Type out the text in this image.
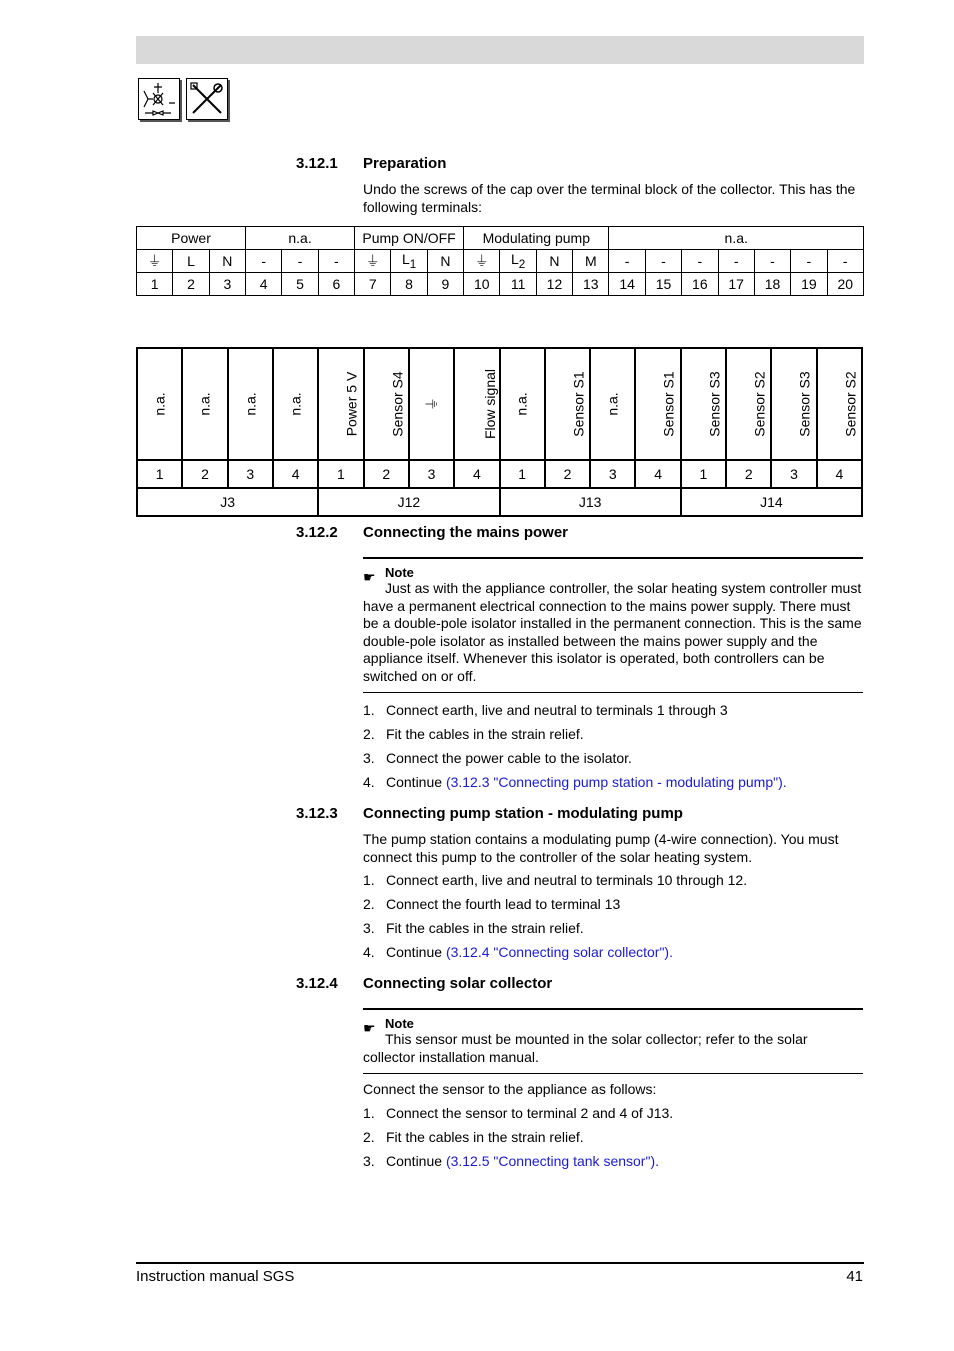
3.12.1 Preparation
Undo the screws of the cap over the terminal block of the collector. This has the following terminals:
Power			n.a.			Pump ON/OFF			Modulating pump				n.a.						
⏚	L	N	-	-	-	⏚	$L_1$	N	⏚	$L_2$	N	M	-	-	-	-	-	-	-
1	2	3	4	5	6	7	8	9	10	11	12	13	14	15	16	17	18	19	20
n.a.	n.a.	n.a.	n.a.	Power 5 V	Sensor S4	⏚	Flow signal	n.a.	Sensor S1	n.a.	Sensor S1	Sensor S3	Sensor S2	Sensor S3	Sensor S2
1	2	3	4	1	2	3	4	1	2	3	4	1	2	3	4
J3				J12				J13				J14			
3.12.2 Connecting the mains power
☛ Note
Just as with the appliance controller, the solar heating system controller must have a permanent electrical connection to the mains power supply. There must be a double-pole isolator installed in the permanent connection. This is the same double-pole isolator as installed between the mains power supply and the appliance itself. Whenever this isolator is operated, both controllers can be switched on or off.
1. Connect earth, live and neutral to terminals 1 through 3
2. Fit the cables in the strain relief.
3. Connect the power cable to the isolator.
4. Continue (3.12.3 "Connecting pump station - modulating pump").
3.12.3 Connecting pump station - modulating pump
The pump station contains a modulating pump (4-wire connection). You must connect this pump to the controller of the solar heating system.
1. Connect earth, live and neutral to terminals 10 through 12.
2. Connect the fourth lead to terminal 13
3. Fit the cables in the strain relief.
4. Continue (3.12.4 "Connecting solar collector").
3.12.4 Connecting solar collector
☛ Note
This sensor must be mounted in the solar collector; refer to the solar collector installation manual.
Connect the sensor to the appliance as follows:
1. Connect the sensor to terminal 2 and 4 of J13.
2. Fit the cables in the strain relief.
3. Continue (3.12.5 "Connecting tank sensor").
Instruction manual SGS	41
